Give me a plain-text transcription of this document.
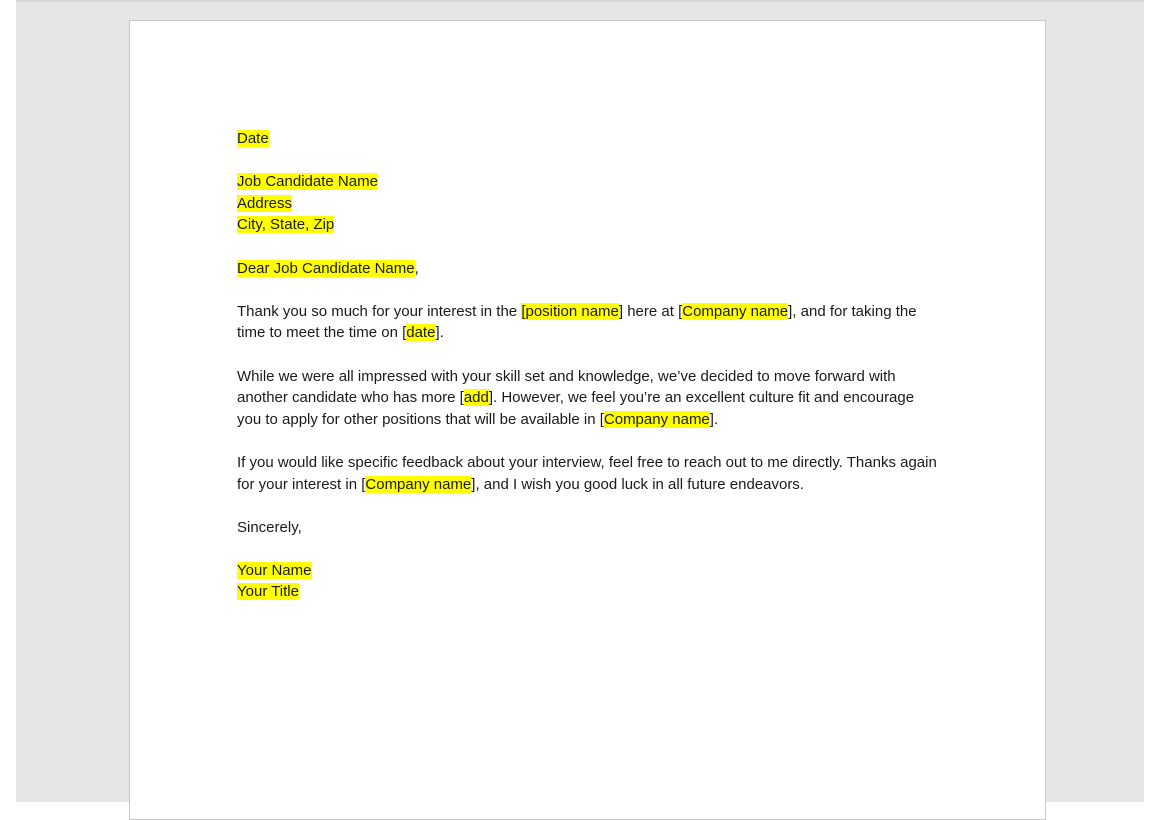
Date

Job Candidate Name
Address
City, State, Zip

Dear Job Candidate Name,

Thank you so much for your interest in the [position name] here at [Company name], and for taking the time to meet the time on [date].

While we were all impressed with your skill set and knowledge, we’ve decided to move forward with another candidate who has more [add]. However, we feel you’re an excellent culture fit and encourage you to apply for other positions that will be available in [Company name].

If you would like specific feedback about your interview, feel free to reach out to me directly. Thanks again for your interest in [Company name], and I wish you good luck in all future endeavors.

Sincerely,

Your Name
Your Title
